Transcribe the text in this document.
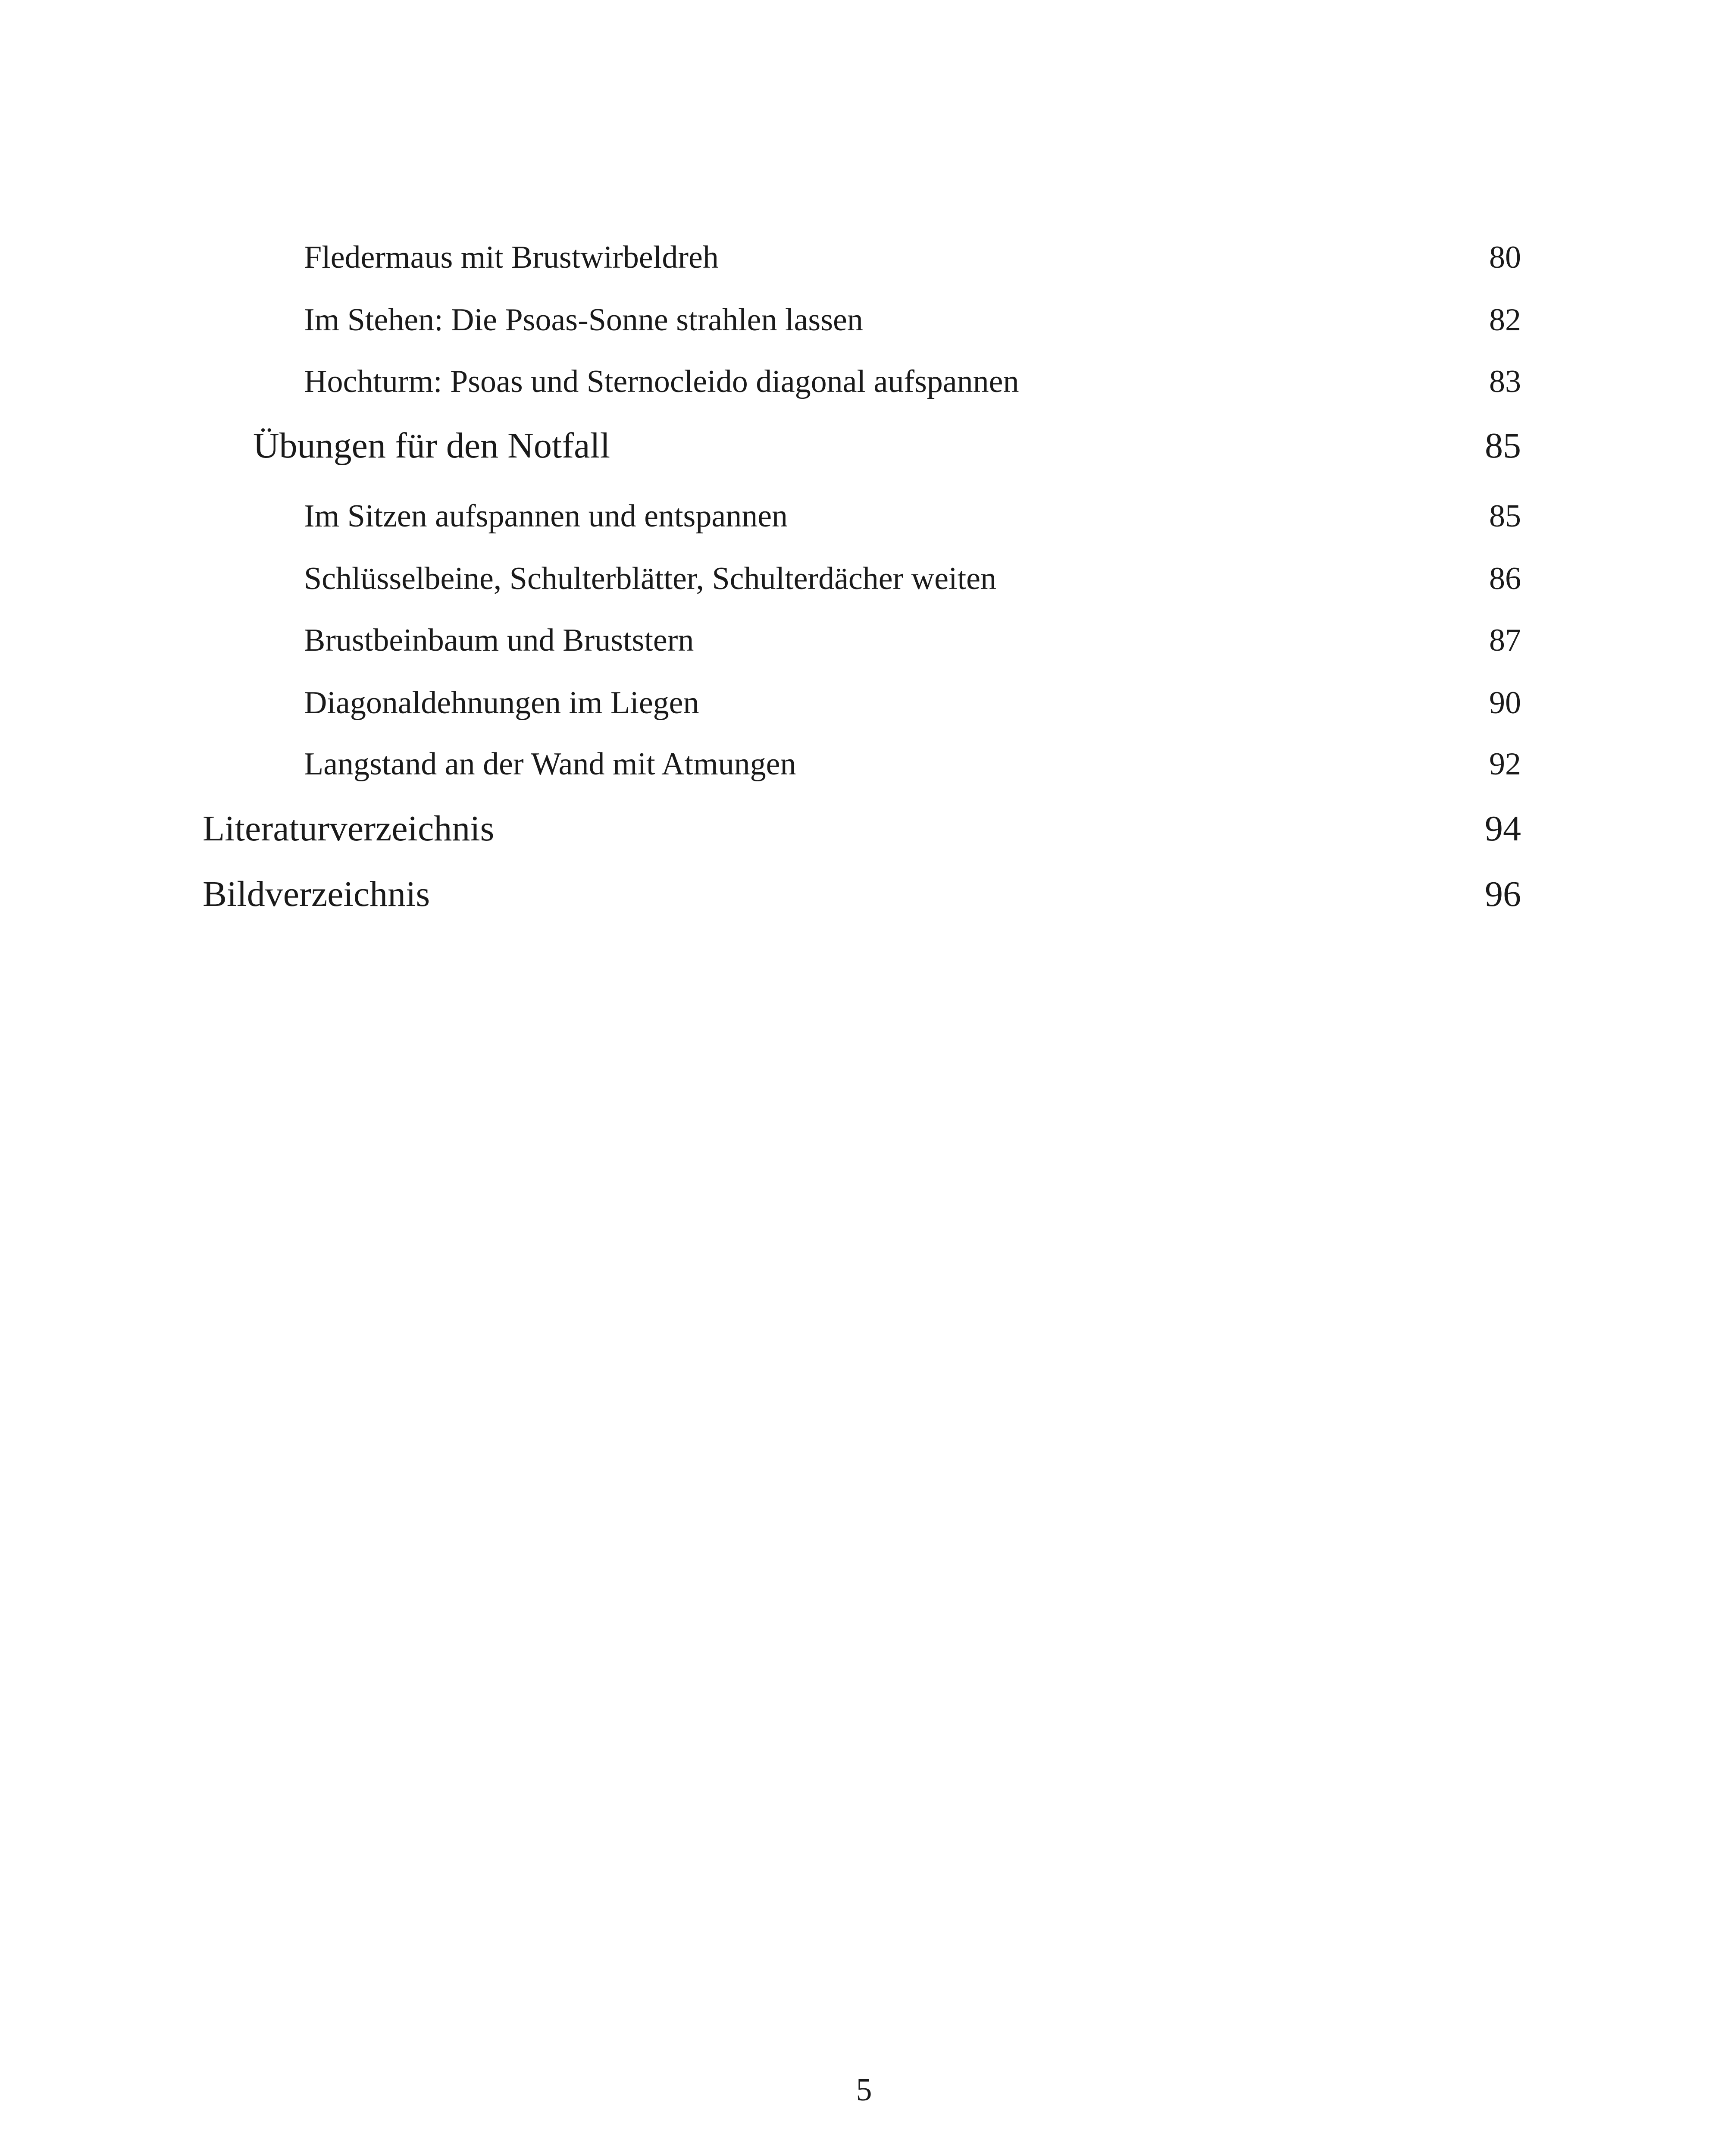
Fledermaus mit Brustwirbeldreh	80
Im Stehen: Die Psoas-Sonne strahlen lassen	82
Hochturm: Psoas und Sternocleido diagonal aufspannen	83
Übungen für den Notfall	85
Im Sitzen aufspannen und entspannen	85
Schlüsselbeine, Schulterblätter, Schulterdächer weiten	86
Brustbeinbaum und Bruststern	87
Diagonaldehnungen im Liegen	90
Langstand an der Wand mit Atmungen	92
Literaturverzeichnis	94
Bildverzeichnis	96
5
